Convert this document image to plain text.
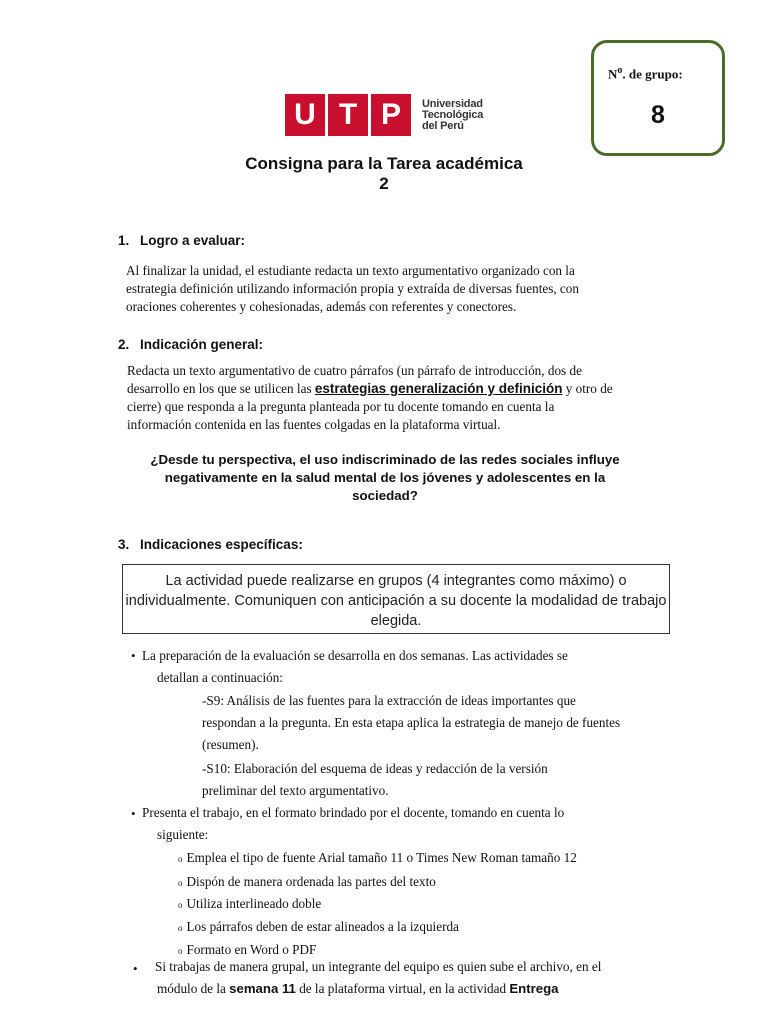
$N^o$. de grupo:
8
U T P	Universidad
Tecnológica
del Perú
Consigna para la Tarea académica
2
1. Logro a evaluar:
Al finalizar la unidad, el estudiante redacta un texto argumentativo organizado con la
estrategia definición utilizando información propia y extraída de diversas fuentes, con
oraciones coherentes y cohesionadas, además con referentes y conectores.
2. Indicación general:
Redacta un texto argumentativo de cuatro párrafos (un párrafo de introducción, dos de
desarrollo en los que se utilicen las estrategias generalización y definición y otro de
cierre) que responda a la pregunta planteada por tu docente tomando en cuenta la
información contenida en las fuentes colgadas en la plataforma virtual.
¿Desde tu perspectiva, el uso indiscriminado de las redes sociales influye
negativamente en la salud mental de los jóvenes y adolescentes en la
sociedad?
3. Indicaciones específicas:
La actividad puede realizarse en grupos (4 integrantes como máximo) o
individualmente. Comuniquen con anticipación a su docente la modalidad de trabajo
elegida.
• La preparación de la evaluación se desarrolla en dos semanas. Las actividades se
detallan a continuación:
-S9: Análisis de las fuentes para la extracción de ideas importantes que
respondan a la pregunta. En esta etapa aplica la estrategia de manejo de fuentes
(resumen).
-S10: Elaboración del esquema de ideas y redacción de la versión
preliminar del texto argumentativo.
• Presenta el trabajo, en el formato brindado por el docente, tomando en cuenta lo
siguiente:
o Emplea el tipo de fuente Arial tamaño 11 o Times New Roman tamaño 12
o Dispón de manera ordenada las partes del texto
o Utiliza interlineado doble
o Los párrafos deben de estar alineados a la izquierda
o Formato en Word o PDF
• Si trabajas de manera grupal, un integrante del equipo es quien sube el archivo, en el
módulo de la semana 11 de la plataforma virtual, en la actividad Entrega
